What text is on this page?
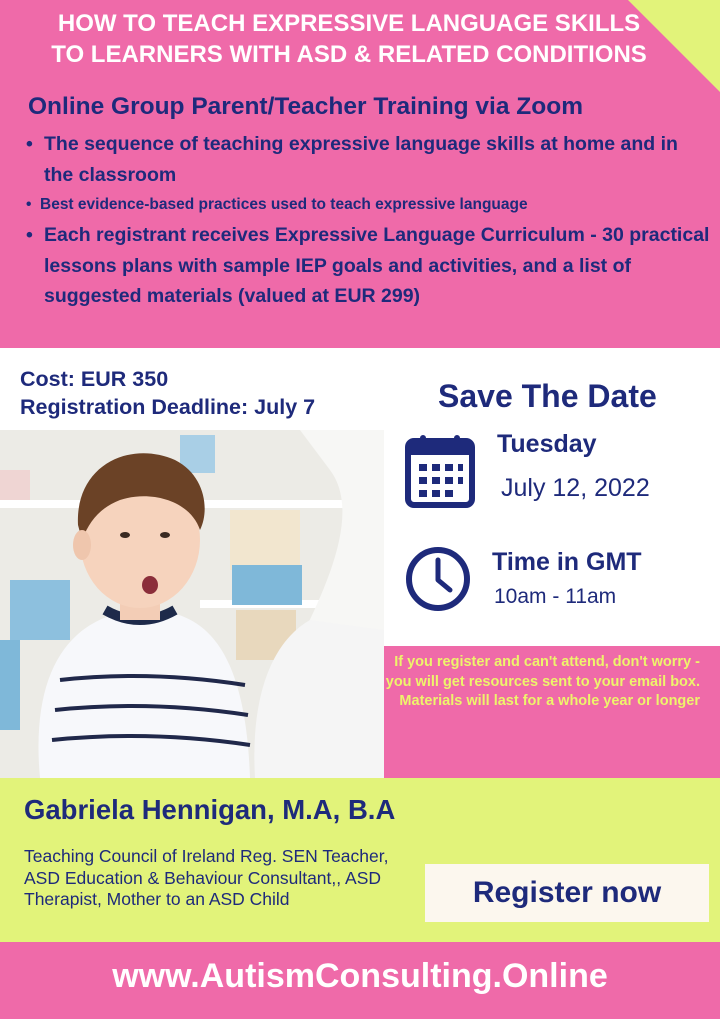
HOW TO TEACH EXPRESSIVE LANGUAGE SKILLS
TO LEARNERS WITH ASD & RELATED CONDITIONS
Online Group Parent/Teacher Training via Zoom
• The sequence of teaching expressive language skills at home and in the classroom
• Best evidence-based practices used to teach expressive language
• Each registrant receives Expressive Language Curriculum - 30 practical lessons plans with sample IEP goals and activities, and a list of suggested materials (valued at EUR 299)
Cost: EUR 350
Registration Deadline: July 7	Save The Date
Tuesday
July 12, 2022
Time in GMT
10am - 11am
If you register and can't attend, don't worry - you will get resources sent to your email box. Materials will last for a whole year or longer
Gabriela Hennigan, M.A, B.A
Teaching Council of Ireland Reg. SEN Teacher, ASD Education & Behaviour Consultant,, ASD Therapist, Mother to an ASD Child	Register now
www.AutismConsulting.Online
